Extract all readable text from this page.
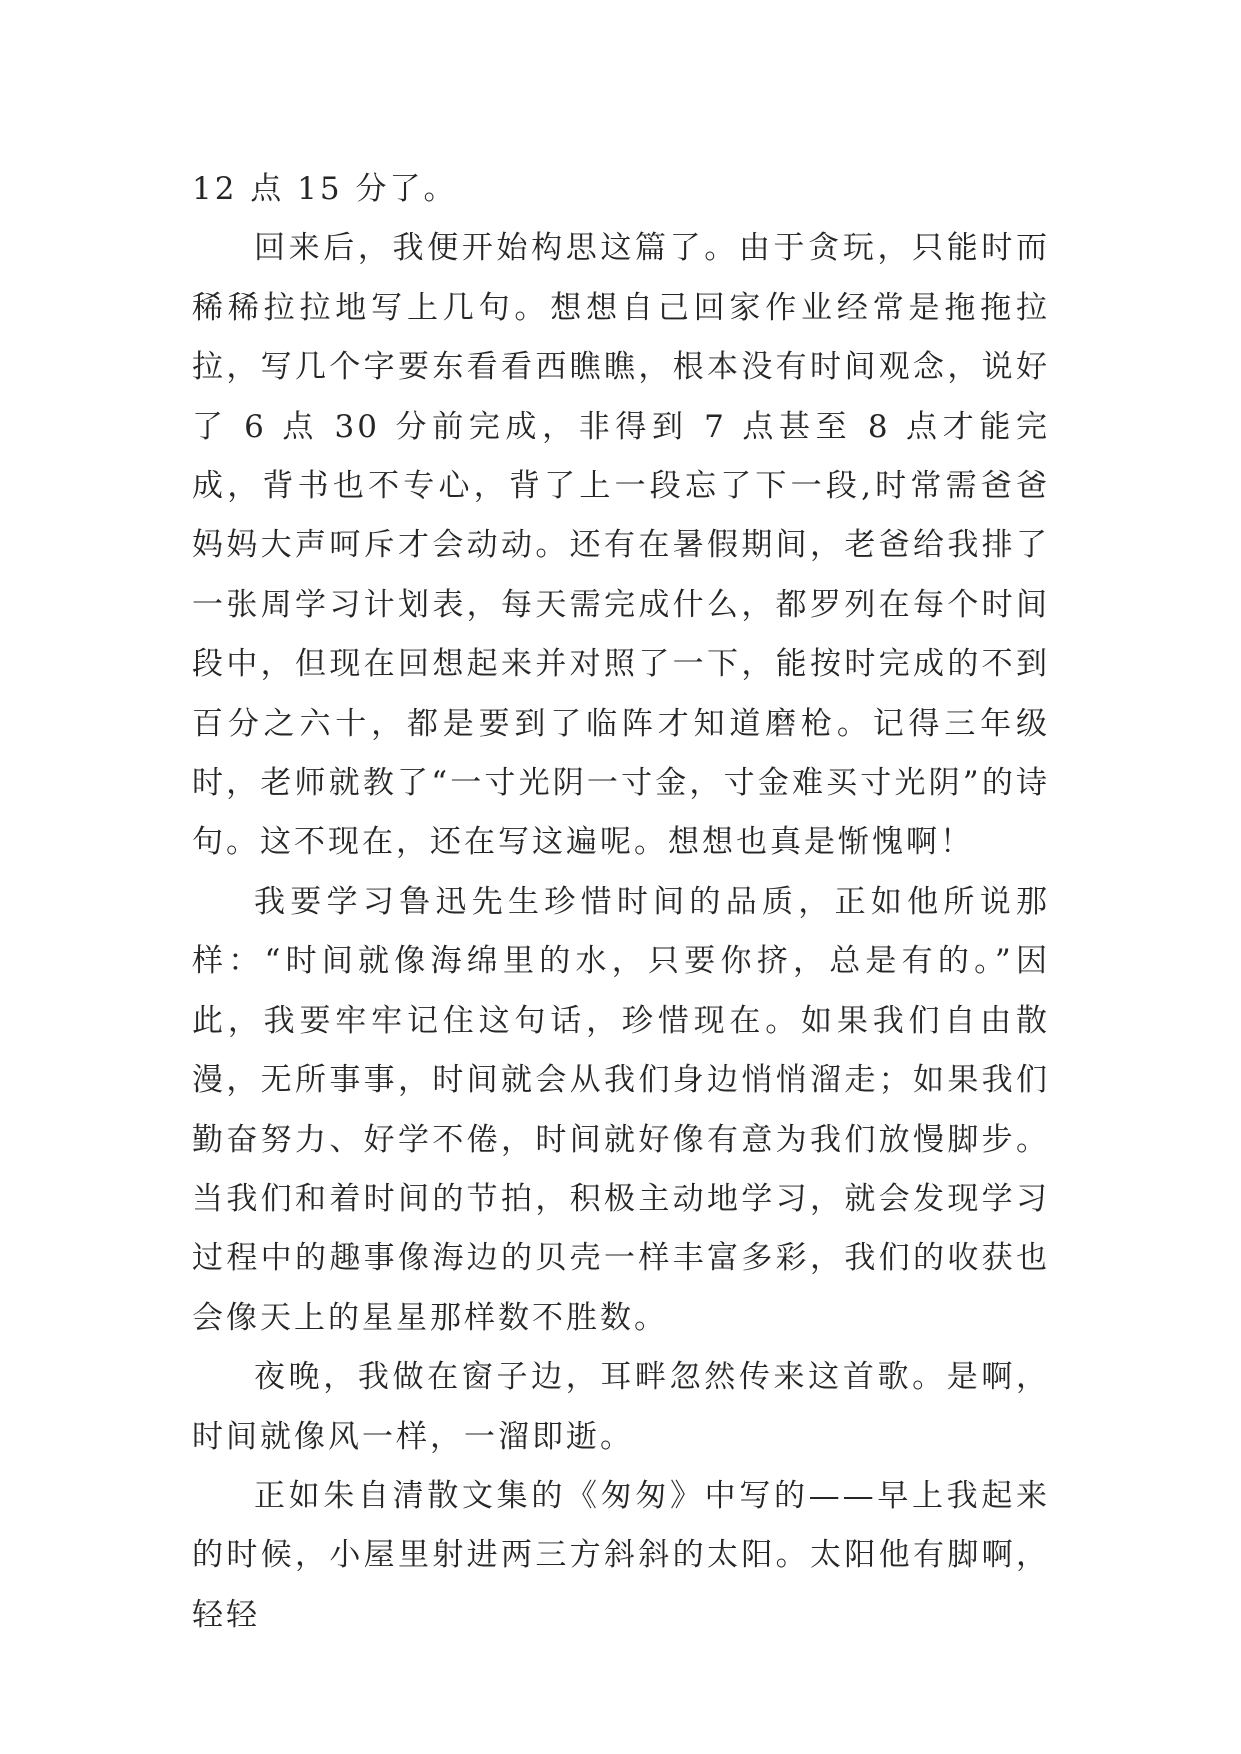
12 点 15 分了。

回来后，我便开始构思这篇了。由于贪玩，只能时而稀稀拉拉地写上几句。想想自己回家作业经常是拖拖拉拉，写几个字要东看看西瞧瞧，根本没有时间观念，说好了 6 点 30 分前完成，非得到 7 点甚至 8 点才能完成，背书也不专心，背了上一段忘了下一段,时常需爸爸妈妈大声呵斥才会动动。还有在暑假期间，老爸给我排了一张周学习计划表，每天需完成什么，都罗列在每个时间段中，但现在回想起来并对照了一下，能按时完成的不到百分之六十，都是要到了临阵才知道磨枪。记得三年级时，老师就教了“一寸光阴一寸金，寸金难买寸光阴”的诗句。这不现在，还在写这遍呢。想想也真是惭愧啊！

我要学习鲁迅先生珍惜时间的品质，正如他所说那样：“时间就像海绵里的水，只要你挤，总是有的。”因此，我要牢牢记住这句话，珍惜现在。如果我们自由散漫，无所事事，时间就会从我们身边悄悄溜走；如果我们勤奋努力、好学不倦，时间就好像有意为我们放慢脚步。当我们和着时间的节拍，积极主动地学习，就会发现学习过程中的趣事像海边的贝壳一样丰富多彩，我们的收获也会像天上的星星那样数不胜数。

夜晚，我做在窗子边，耳畔忽然传来这首歌。是啊，时间就像风一样，一溜即逝。

正如朱自清散文集的《匆匆》中写的——早上我起来的时候，小屋里射进两三方斜斜的太阳。太阳他有脚啊，轻轻
